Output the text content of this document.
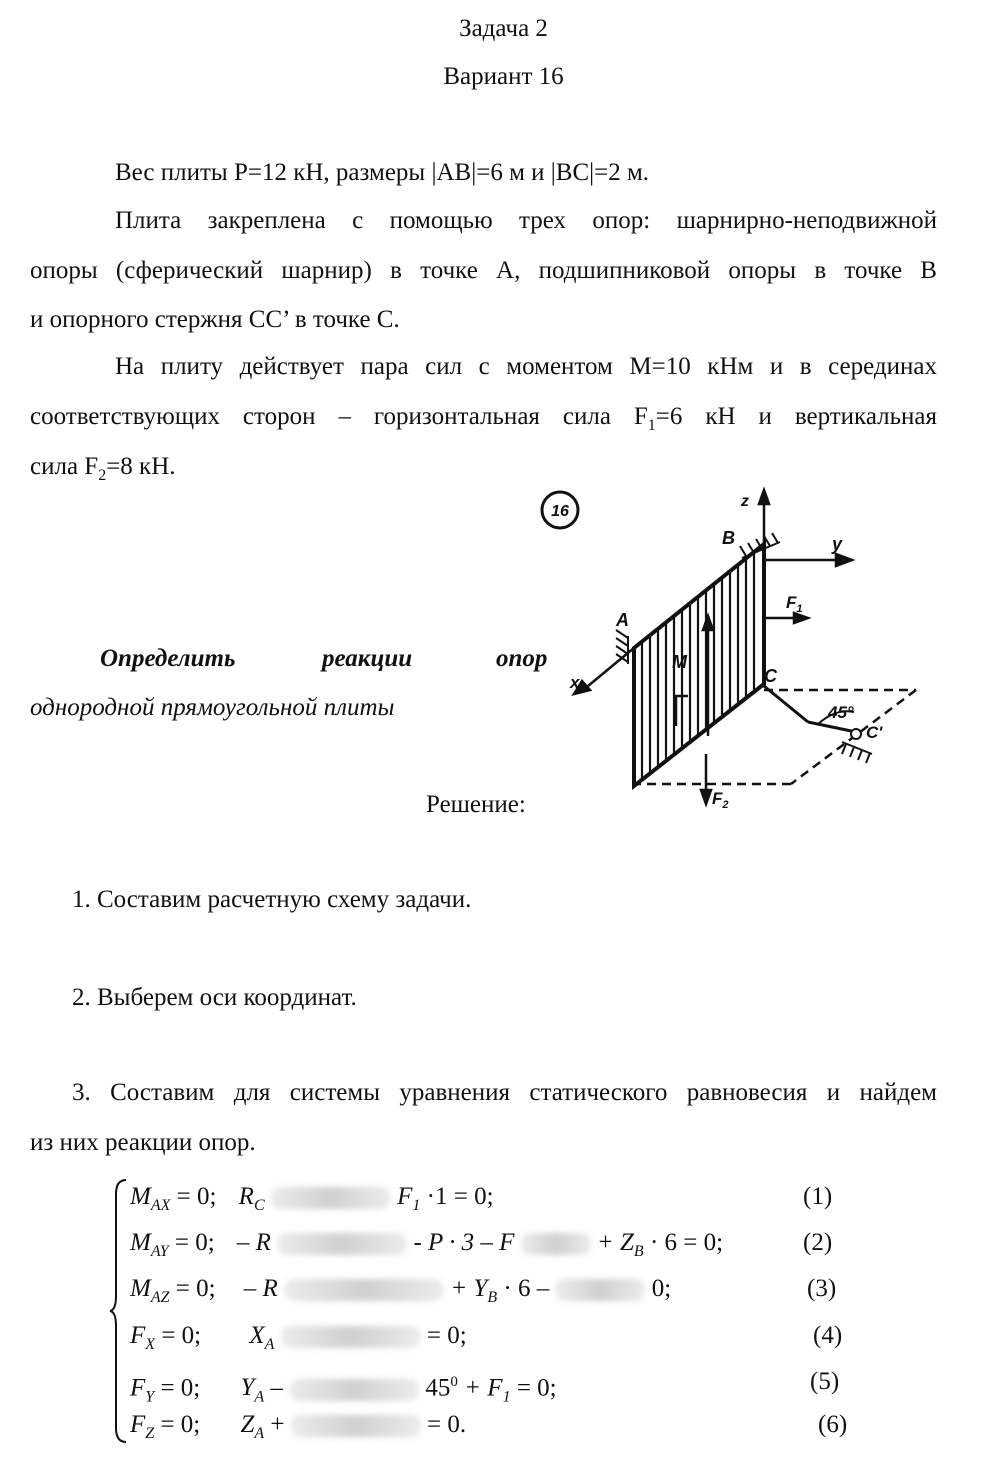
Задача 2
Вариант 16
Вес плиты P=12 кН, размеры |AB|=6 м и |BC|=2 м.
Плита закреплена с помощью трех опор: шарнирно-неподвижной
опоры (сферический шарнир) в точке A, подшипниковой опоры в точке B
и опорного стержня CC’ в точке C.
На плиту действует пара сил с моментом M=10 кНм и в серединах
соответствующих сторон – горизонтальная сила $F_1=6$ кН и вертикальная
сила $F_2=8$ кН.
Определить	реакции	опор
однородной прямоугольной плиты
16
z
y
x
A
B
$F_1$
M
C
C'
45°
$F_2$
Решение:
1. Составим расчетную схему задачи.
2. Выберем оси координат.
3. Составим для системы уравнения статического равновесия и найдем
из них реакции опор.
$M_{AX} = 0$; $R_C$	$F_1 \cdot 1 = 0$;	(1)
$M_{AY} = 0$; – R	- P · 3 – F	+ $Z_B \cdot 6 = 0$;	(2)
$M_{AZ} = 0$; – R	+ $Y_B \cdot 6$ –	0;	(3)
$F_X = 0$; $X_A$	= 0;	(4)
$F_Y = 0$; $Y_A$ –	$45^0 + F_1 = 0$;	(5)
$F_Z = 0$; $Z_A$ +	= 0.	(6)
